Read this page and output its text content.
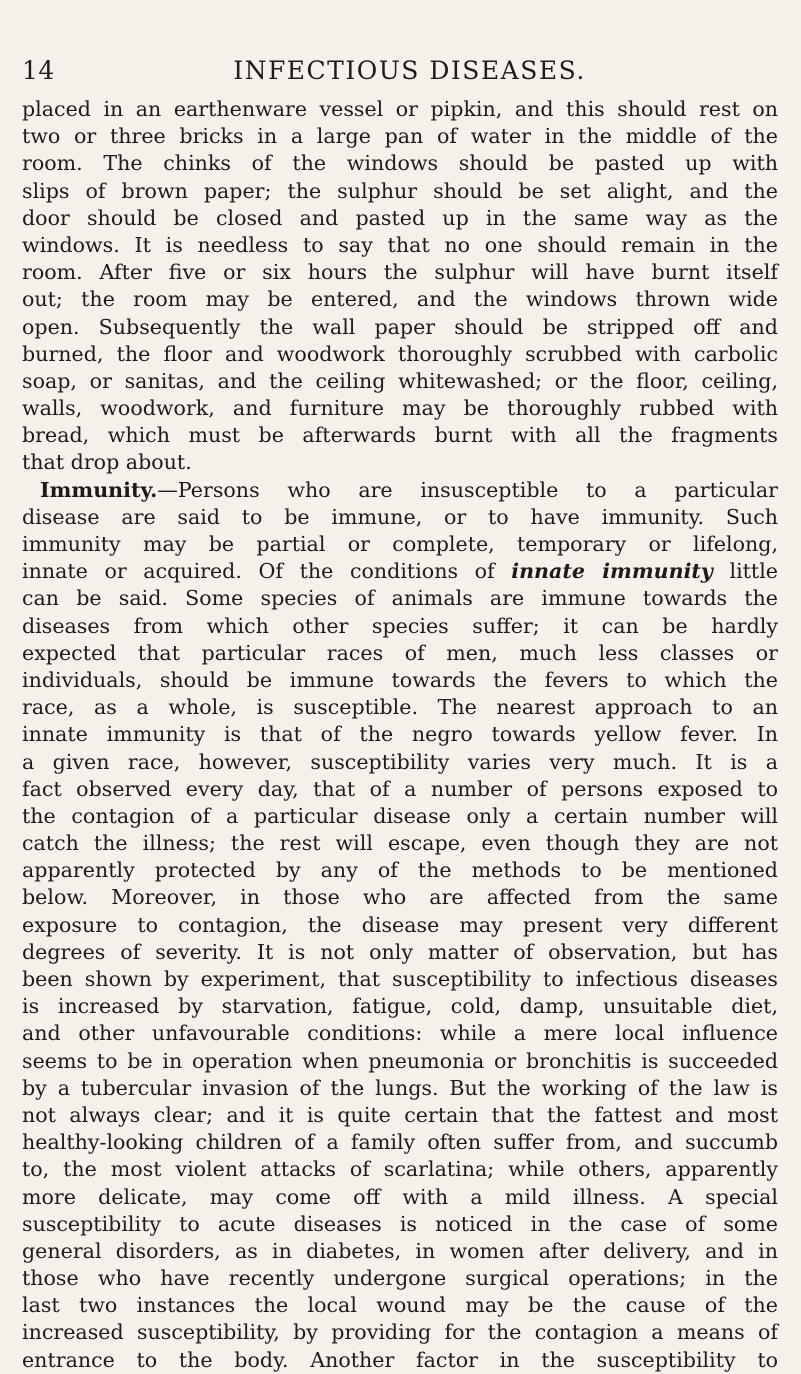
14	INFECTIOUS DISEASES.
placed in an earthenware vessel or pipkin, and this should rest on
two or three bricks in a large pan of water in the middle of the
room. The chinks of the windows should be pasted up with
slips of brown paper; the sulphur should be set alight, and the
door should be closed and pasted up in the same way as the
windows. It is needless to say that no one should remain in the
room. After five or six hours the sulphur will have burnt itself
out; the room may be entered, and the windows thrown wide
open. Subsequently the wall paper should be stripped off and
burned, the floor and woodwork thoroughly scrubbed with carbolic
soap, or sanitas, and the ceiling whitewashed; or the floor, ceiling,
walls, woodwork, and furniture may be thoroughly rubbed with
bread, which must be afterwards burnt with all the fragments
that drop about.
Immunity.—Persons who are insusceptible to a particular
disease are said to be immune, or to have immunity. Such
immunity may be partial or complete, temporary or lifelong,
innate or acquired. Of the conditions of innate immunity little
can be said. Some species of animals are immune towards the
diseases from which other species suffer; it can be hardly
expected that particular races of men, much less classes or
individuals, should be immune towards the fevers to which the
race, as a whole, is susceptible. The nearest approach to an
innate immunity is that of the negro towards yellow fever. In
a given race, however, susceptibility varies very much. It is a
fact observed every day, that of a number of persons exposed to
the contagion of a particular disease only a certain number will
catch the illness; the rest will escape, even though they are not
apparently protected by any of the methods to be mentioned
below. Moreover, in those who are affected from the same
exposure to contagion, the disease may present very different
degrees of severity. It is not only matter of observation, but has
been shown by experiment, that susceptibility to infectious diseases
is increased by starvation, fatigue, cold, damp, unsuitable diet,
and other unfavourable conditions: while a mere local influence
seems to be in operation when pneumonia or bronchitis is succeeded
by a tubercular invasion of the lungs. But the working of the law is
not always clear; and it is quite certain that the fattest and most
healthy-looking children of a family often suffer from, and succumb
to, the most violent attacks of scarlatina; while others, apparently
more delicate, may come off with a mild illness. A special
susceptibility to acute diseases is noticed in the case of some
general disorders, as in diabetes, in women after delivery, and in
those who have recently undergone surgical operations; in the
last two instances the local wound may be the cause of the
increased susceptibility, by providing for the contagion a means of
entrance to the body. Another factor in the susceptibility to
